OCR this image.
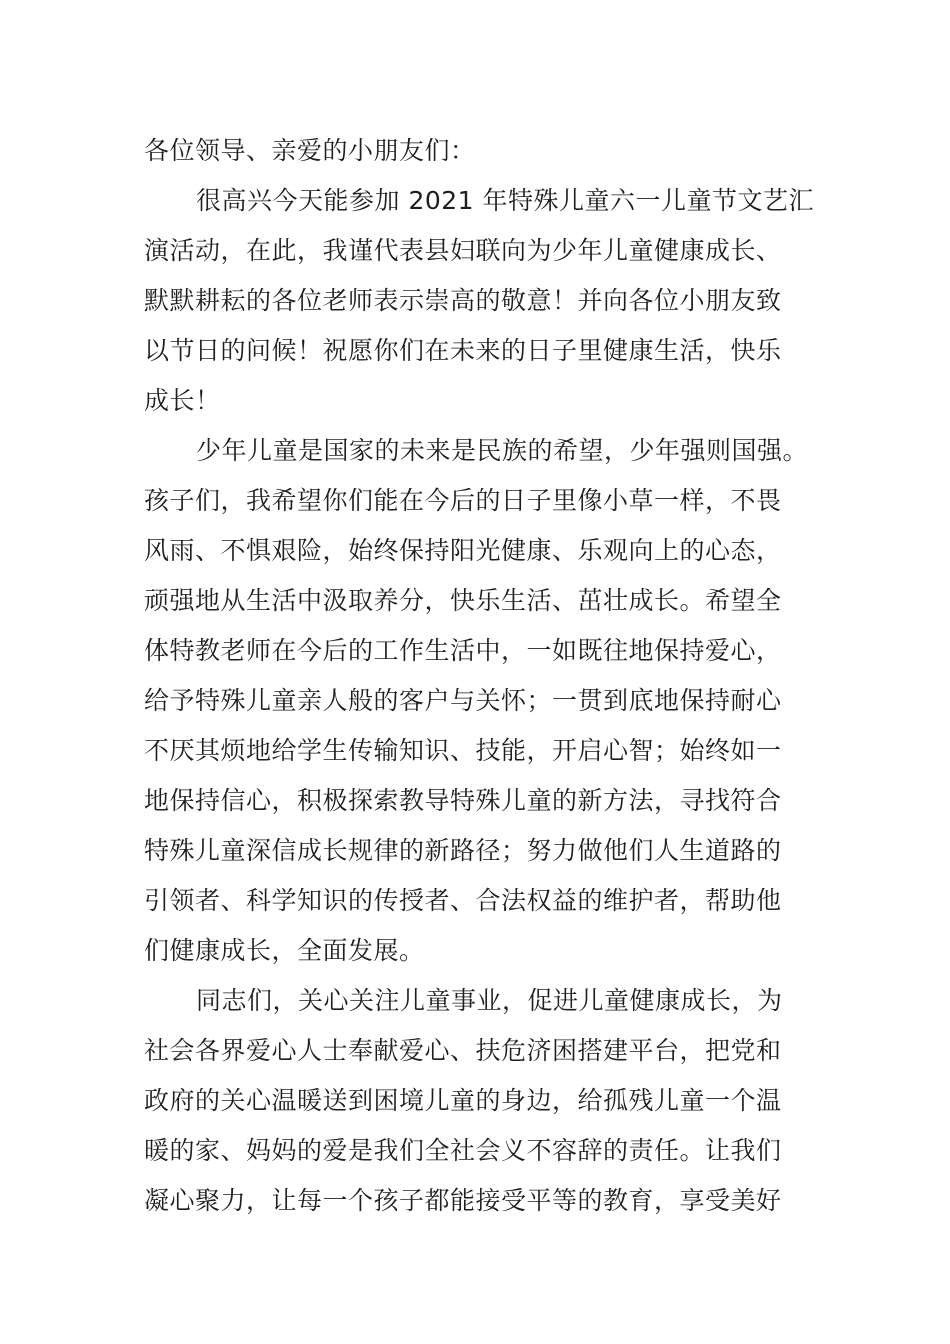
各位领导、亲爱的小朋友们：
很高兴今天能参加 2021 年特殊儿童六一儿童节文艺汇
演活动，在此，我谨代表县妇联向为少年儿童健康成长、
默默耕耘的各位老师表示崇高的敬意！并向各位小朋友致
以节日的问候！祝愿你们在未来的日子里健康生活，快乐
成长！
少年儿童是国家的未来是民族的希望，少年强则国强。
孩子们，我希望你们能在今后的日子里像小草一样，不畏
风雨、不惧艰险，始终保持阳光健康、乐观向上的心态，
顽强地从生活中汲取养分，快乐生活、茁壮成长。希望全
体特教老师在今后的工作生活中，一如既往地保持爱心，
给予特殊儿童亲人般的客户与关怀；一贯到底地保持耐心
不厌其烦地给学生传输知识、技能，开启心智；始终如一
地保持信心，积极探索教导特殊儿童的新方法，寻找符合
特殊儿童深信成长规律的新路径；努力做他们人生道路的
引领者、科学知识的传授者、合法权益的维护者，帮助他
们健康成长，全面发展。
同志们，关心关注儿童事业，促进儿童健康成长，为
社会各界爱心人士奉献爱心、扶危济困搭建平台，把党和
政府的关心温暖送到困境儿童的身边，给孤残儿童一个温
暖的家、妈妈的爱是我们全社会义不容辞的责任。让我们
凝心聚力，让每一个孩子都能接受平等的教育，享受美好
